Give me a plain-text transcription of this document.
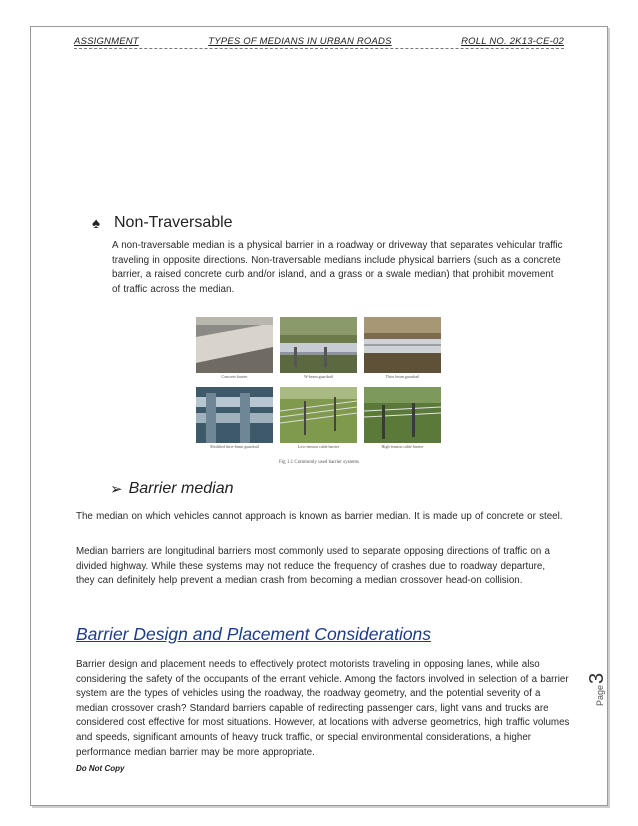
ASSIGNMENT	TYPES OF MEDIANS IN URBAN ROADS	ROLL NO. 2K13-CE-02
♠ Non-Traversable
A non-traversable median is a physical barrier in a roadway or driveway that separates vehicular traffic traveling in opposite directions. Non-traversable medians include physical barriers (such as a concrete barrier, a raised concrete curb and/or island, and a grass or a swale median) that prohibit movement of traffic across the median.
Concrete barrier	W-beam guardrail	Thrie beam guardrail
Modified thrie-beam guardrail	Low-tension cable barrier	High-tension cable barrier
Fig 1.1 Commonly used barrier systems
➢ Barrier median
The median on which vehicles cannot approach is known as barrier median. It is made up of concrete or steel.
Median barriers are longitudinal barriers most commonly used to separate opposing directions of traffic on a divided highway. While these systems may not reduce the frequency of crashes due to roadway departure, they can definitely help prevent a median crash from becoming a median crossover head-on collision.
Barrier Design and Placement Considerations
Barrier design and placement needs to effectively protect motorists traveling in opposing lanes, while also considering the safety of the occupants of the errant vehicle. Among the factors involved in selection of a barrier system are the types of vehicles using the roadway, the roadway geometry, and the potential severity of a median crossover crash? Standard barriers capable of redirecting passenger cars, light vans and trucks are considered cost effective for most situations. However, at locations with adverse geometrics, high traffic volumes and speeds, significant amounts of heavy truck traffic, or special environmental considerations, a higher performance median barrier may be more appropriate.
Page
3
Do Not Copy
